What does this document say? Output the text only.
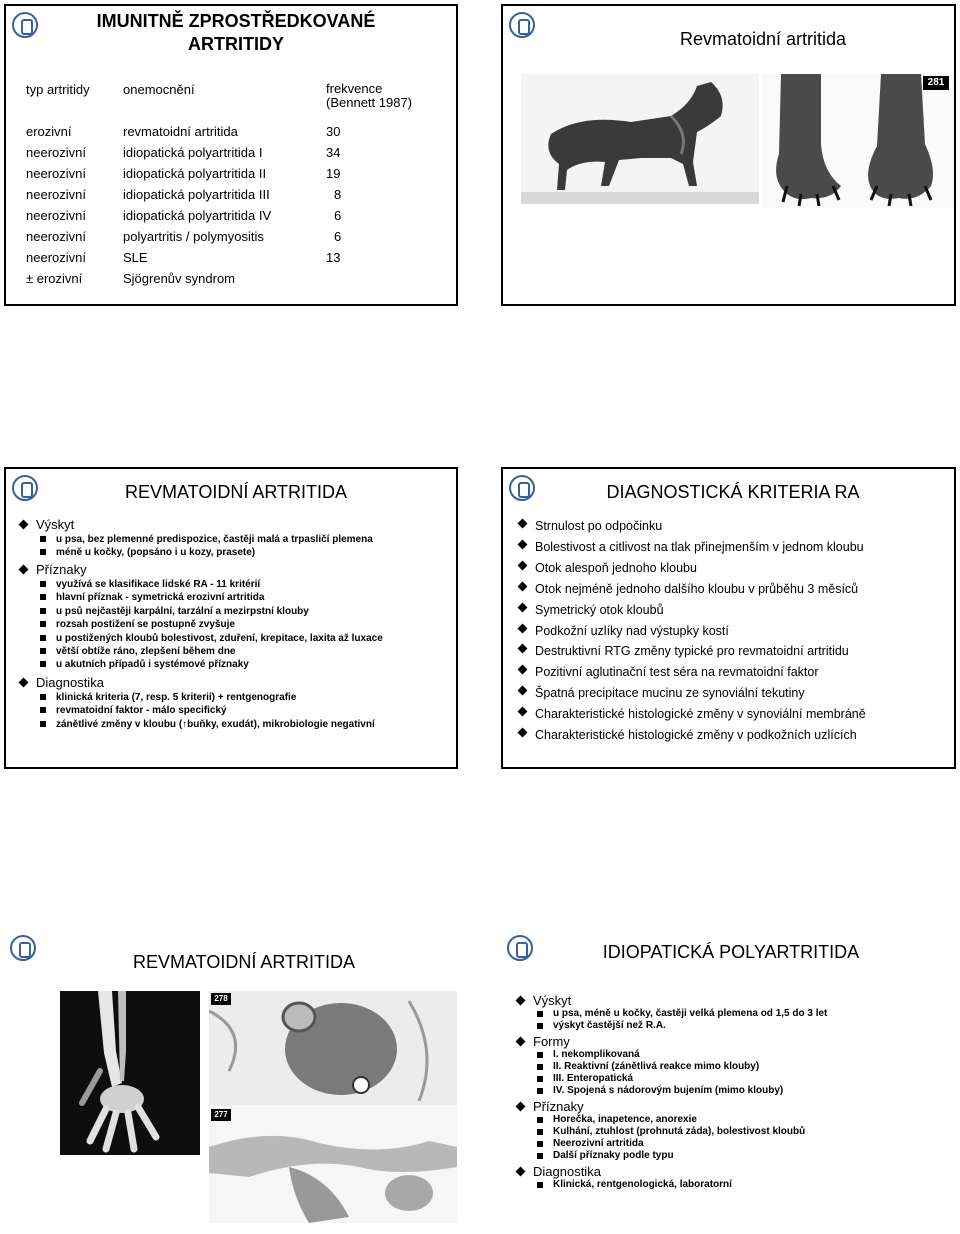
IMUNITNĚ ZPROSTŘEDKOVANÉ ARTRITIDY
typ artritidy	onemocnění	frekvence
(Bennett 1987)
erozivní	revmatoidní artritida	30
neerozivní	idiopatická polyartritida I	34
neerozivní	idiopatická polyartritida II	19
neerozivní	idiopatická polyartritida III	8
neerozivní	idiopatická polyartritida IV	6
neerozivní	polyartritis / polymyositis	6
neerozivní	SLE	13
± erozivní	Sjögrenův syndrom	
Revmatoidní artritida
281
REVMATOIDNÍ ARTRITIDA
Výskyt
u psa, bez plemenné predispozice, častěji malá a trpasličí plemena
méně u kočky, (popsáno i u kozy, prasete)
Příznaky
využívá se klasifikace lidské RA - 11 kritérií
hlavní příznak - symetrická erozivní artritida
u psů nejčastěji karpální, tarzální a mezirpstní klouby
rozsah postižení se postupně zvyšuje
u postižených kloubů bolestivost, zduření, krepitace, laxita až luxace
větší obtíže ráno, zlepšení během dne
u akutních případů i systémové příznaky
Diagnostika
klinická kriteria (7, resp. 5 kriterií) + rentgenografie
revmatoidní faktor - málo specifický
zánětlivé změny v kloubu (↑buňky, exudát), mikrobiologie negativní
DIAGNOSTICKÁ KRITERIA RA
Strnulost po odpočinku
Bolestivost a citlivost na tlak přinejmenším v jednom kloubu
Otok alespoň jednoho kloubu
Otok nejméně jednoho dalšího kloubu v průběhu 3 měsíců
Symetrický otok kloubů
Podkožní uzlíky nad výstupky kostí
Destruktivní RTG změny typické pro revmatoidní artritidu
Pozitivní aglutinační test séra na revmatoidní faktor
Špatná precipitace mucinu ze synoviální tekutiny
Charakteristické histologické změny v synoviální membráně
Charakteristické histologické změny v podkožních uzlících
REVMATOIDNÍ ARTRITIDA
278
277
IDIOPATICKÁ POLYARTRITIDA
Výskyt
u psa, méně u kočky, častěji velká plemena od 1,5 do 3 let
výskyt častější než R.A.
Formy
I. nekomplikovaná
II. Reaktivní (zánětlivá reakce mimo klouby)
III. Enteropatická
IV. Spojená s nádorovým bujením (mimo klouby)
Příznaky
Horečka, inapetence, anorexie
Kulhání, ztuhlost (prohnutá záda), bolestivost kloubů
Neerozivní artritida
Další příznaky podle typu
Diagnostika
Klinická, rentgenologická, laboratorní
